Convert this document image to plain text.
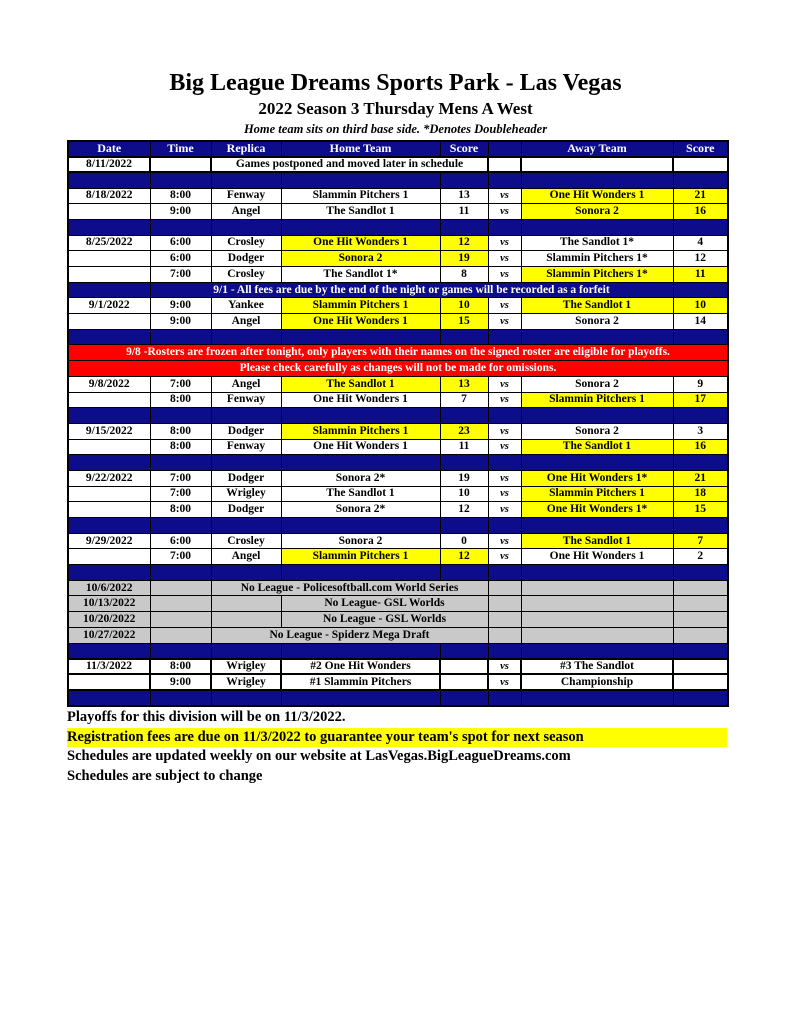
Big League Dreams Sports Park - Las Vegas
2022 Season 3 Thursday Mens A West
Home team sits on third base side. *Denotes Doubleheader
Date	Time	Replica	Home Team	Score		Away Team	Score
8/11/2022		Games postponed and moved later in schedule					

8/18/2022	8:00	Fenway	Slammin Pitchers 1	13	vs	One Hit Wonders 1	21
	9:00	Angel	The Sandlot 1	11	vs	Sonora 2	16

8/25/2022	6:00	Crosley	One Hit Wonders 1	12	vs	The Sandlot 1*	4
	6:00	Dodger	Sonora 2	19	vs	Slammin Pitchers 1*	12
	7:00	Crosley	The Sandlot 1*	8	vs	Slammin Pitchers 1*	11
	9/1 - All fees are due by the end of the night or games will be recorded as a forfeit						
9/1/2022	9:00	Yankee	Slammin Pitchers 1	10	vs	The Sandlot 1	10
	9:00	Angel	One Hit Wonders 1	15	vs	Sonora 2	14

9/8 -Rosters are frozen after tonight, only players with their names on the signed roster are eligible for playoffs.							
Please check carefully as changes will not be made for omissions.							
9/8/2022	7:00	Angel	The Sandlot 1	13	vs	Sonora 2	9
	8:00	Fenway	One Hit Wonders 1	7	vs	Slammin Pitchers 1	17

9/15/2022	8:00	Dodger	Slammin Pitchers 1	23	vs	Sonora 2	3
	8:00	Fenway	One Hit Wonders 1	11	vs	The Sandlot 1	16

9/22/2022	7:00	Dodger	Sonora 2*	19	vs	One Hit Wonders 1*	21
	7:00	Wrigley	The Sandlot 1	10	vs	Slammin Pitchers 1	18
	8:00	Dodger	Sonora 2*	12	vs	One Hit Wonders 1*	15

9/29/2022	6:00	Crosley	Sonora 2	0	vs	The Sandlot 1	7
	7:00	Angel	Slammin Pitchers 1	12	vs	One Hit Wonders 1	2

10/6/2022		No League - Policesoftball.com World Series					
10/13/2022			No League- GSL Worlds				
10/20/2022			No League - GSL Worlds				
10/27/2022		No League - Spiderz Mega Draft					

11/3/2022	8:00	Wrigley	#2 One Hit Wonders		vs	#3 The Sandlot	
	9:00	Wrigley	#1 Slammin Pitchers		vs	Championship	

Playoffs for this division will be on 11/3/2022.
Registration fees are due on 11/3/2022 to guarantee your team's spot for next season
Schedules are updated weekly on our website at LasVegas.BigLeagueDreams.com
Schedules are subject to change
